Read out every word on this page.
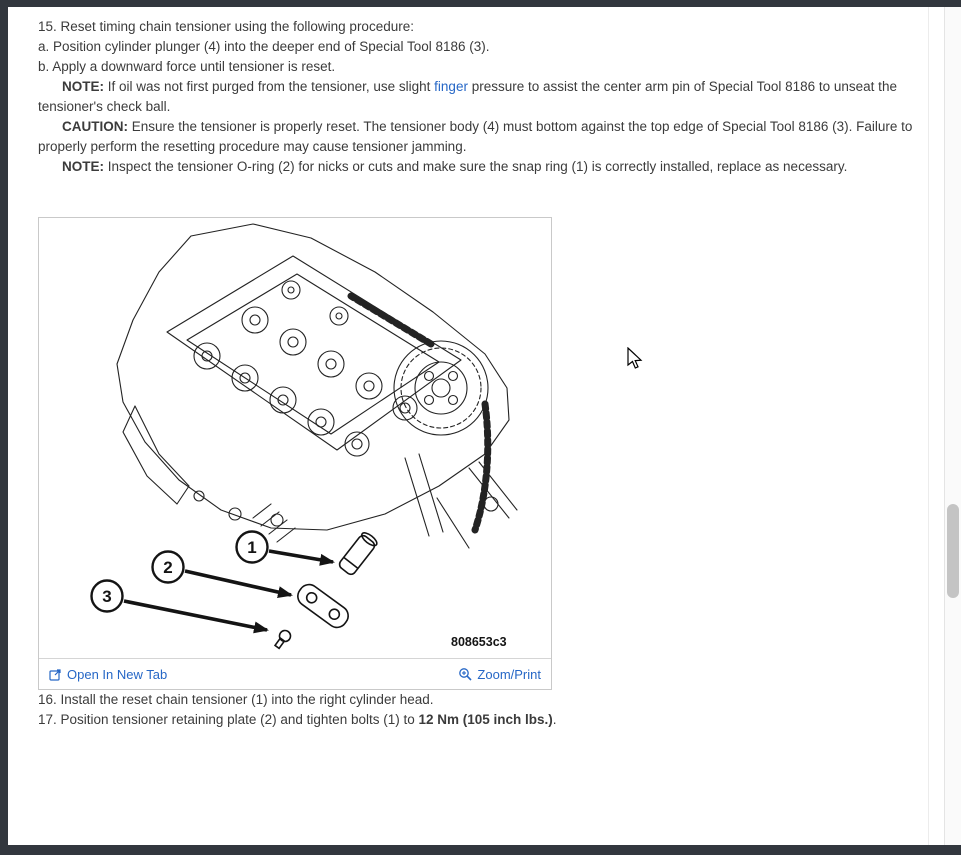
15. Reset timing chain tensioner using the following procedure:

a. Position cylinder plunger (4) into the deeper end of Special Tool 8186 (3).

b. Apply a downward force until tensioner is reset.

NOTE: If oil was not first purged from the tensioner, use slight finger pressure to assist the center arm pin of Special Tool 8186 to unseat the tensioner's check ball.

CAUTION: Ensure the tensioner is properly reset. The tensioner body (4) must bottom against the top edge of Special Tool 8186 (3). Failure to properly perform the resetting procedure may cause tensioner jamming.

NOTE: Inspect the tensioner O-ring (2) for nicks or cuts and make sure the snap ring (1) is correctly installed, replace as necessary.

1
2
3
808653c3
Open In New Tab	Zoom/Print

16. Install the reset chain tensioner (1) into the right cylinder head.

17. Position tensioner retaining plate (2) and tighten bolts (1) to 12 Nm (105 inch lbs.).
